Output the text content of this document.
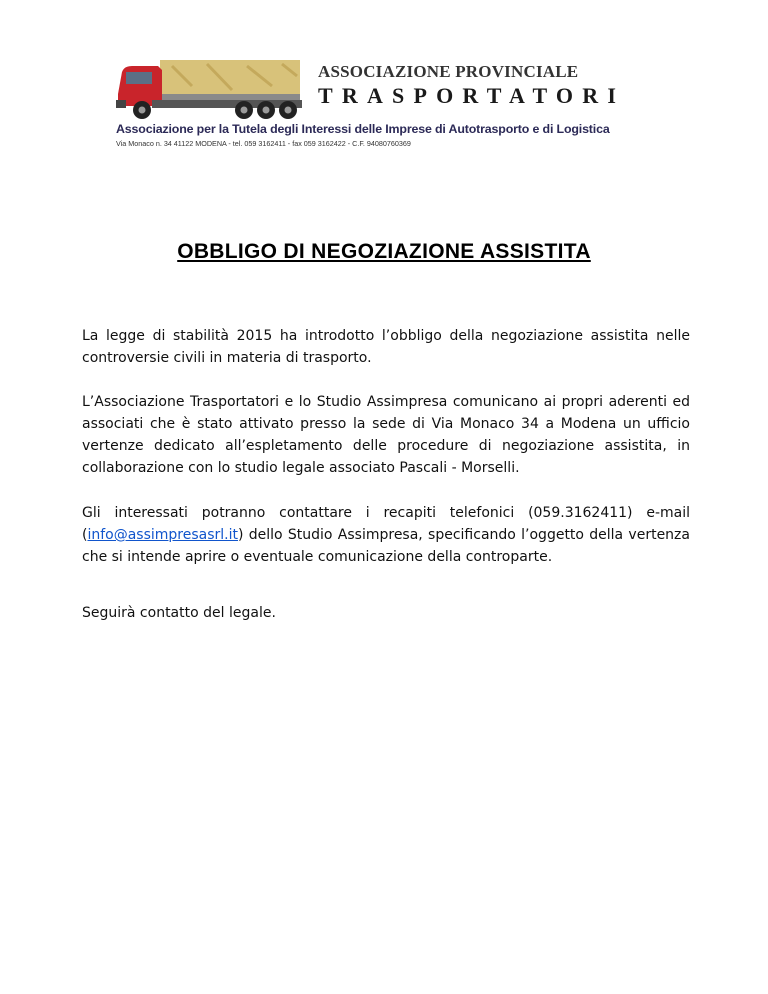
ASSOCIAZIONE PROVINCIALE
TRASPORTATORI
Associazione per la Tutela degli Interessi delle Imprese di Autotrasporto e di Logistica
Via Monaco n. 34 41122 MODENA - tel. 059 3162411 - fax 059 3162422 - C.F. 94080760369
OBBLIGO DI NEGOZIAZIONE ASSISTITA

La legge di stabilità 2015 ha introdotto l’obbligo della negoziazione assistita nelle controversie civili in materia di trasporto.

L’Associazione Trasportatori e lo Studio Assimpresa comunicano ai propri aderenti ed associati che è stato attivato presso la sede di Via Monaco 34 a Modena un ufficio vertenze dedicato all’espletamento delle procedure di negoziazione assistita, in collaborazione con lo studio legale associato Pascali - Morselli.

Gli interessati potranno contattare i recapiti telefonici (059.3162411) e-mail (info@assimpresasrl.it) dello Studio Assimpresa, specificando l’oggetto della vertenza che si intende aprire o eventuale comunicazione della controparte.

Seguirà contatto del legale.
